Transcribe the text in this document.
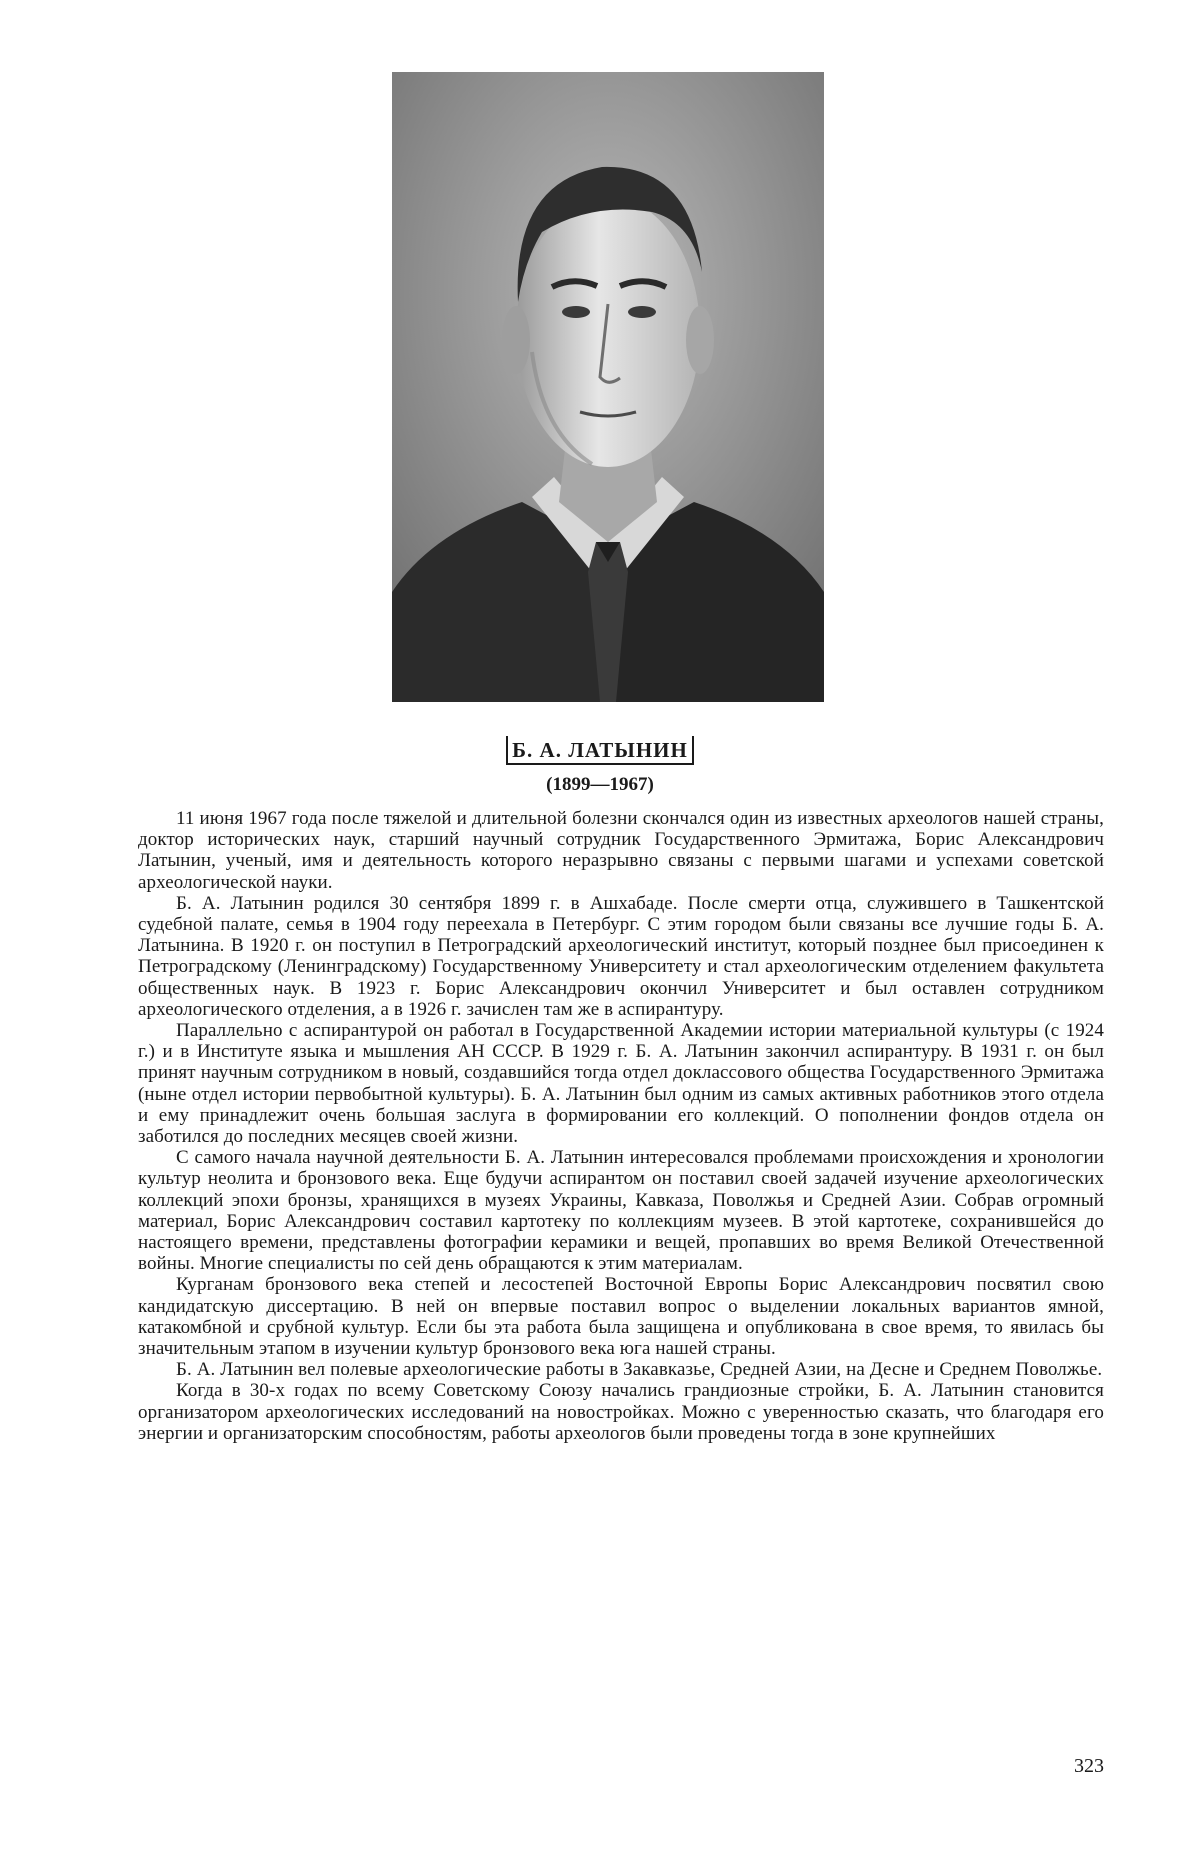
Б. А. ЛАТЫНИН
(1899—1967)

11 июня 1967 года после тяжелой и длительной болезни скончался один из известных археологов нашей страны, доктор исторических наук, старший научный сотрудник Государственного Эрмитажа, Борис Александрович Латынин, ученый, имя и деятельность которого неразрывно связаны с первыми шагами и успехами советской археологической науки.

Б. А. Латынин родился 30 сентября 1899 г. в Ашхабаде. После смерти отца, служившего в Ташкентской судебной палате, семья в 1904 году переехала в Петербург. С этим городом были связаны все лучшие годы Б. А. Латынина. В 1920 г. он поступил в Петроградский археологический институт, который позднее был присоединен к Петроградскому (Ленинградскому) Государственному Университету и стал археологическим отделением факультета общественных наук. В 1923 г. Борис Александрович окончил Университет и был оставлен сотрудником археологического отделения, а в 1926 г. зачислен там же в аспирантуру.

Параллельно с аспирантурой он работал в Государственной Академии истории материальной культуры (с 1924 г.) и в Институте языка и мышления АН СССР. В 1929 г. Б. А. Латынин закончил аспирантуру. В 1931 г. он был принят научным сотрудником в новый, создавшийся тогда отдел доклассового общества Государственного Эрмитажа (ныне отдел истории первобытной культуры). Б. А. Латынин был одним из самых активных работников этого отдела и ему принадлежит очень большая заслуга в формировании его коллекций. О пополнении фондов отдела он заботился до последних месяцев своей жизни.

С самого начала научной деятельности Б. А. Латынин интересовался проблемами происхождения и хронологии культур неолита и бронзового века. Еще будучи аспирантом он поставил своей задачей изучение археологических коллекций эпохи бронзы, хранящихся в музеях Украины, Кавказа, Поволжья и Средней Азии. Собрав огромный материал, Борис Александрович составил картотеку по коллекциям музеев. В этой картотеке, сохранившейся до настоящего времени, представлены фотографии керамики и вещей, пропавших во время Великой Отечественной войны. Многие специалисты по сей день обращаются к этим материалам.

Курганам бронзового века степей и лесостепей Восточной Европы Борис Александрович посвятил свою кандидатскую диссертацию. В ней он впервые поставил вопрос о выделении локальных вариантов ямной, катакомбной и срубной культур. Если бы эта работа была защищена и опубликована в свое время, то явилась бы значительным этапом в изучении культур бронзового века юга нашей страны.

Б. А. Латынин вел полевые археологические работы в Закавказье, Средней Азии, на Десне и Среднем Поволжье.

Когда в 30-х годах по всему Советскому Союзу начались грандиозные стройки, Б. А. Латынин становится организатором археологических исследований на новостройках. Можно с уверенностью сказать, что благодаря его энергии и организаторским способностям, работы археологов были проведены тогда в зоне крупнейших

323
